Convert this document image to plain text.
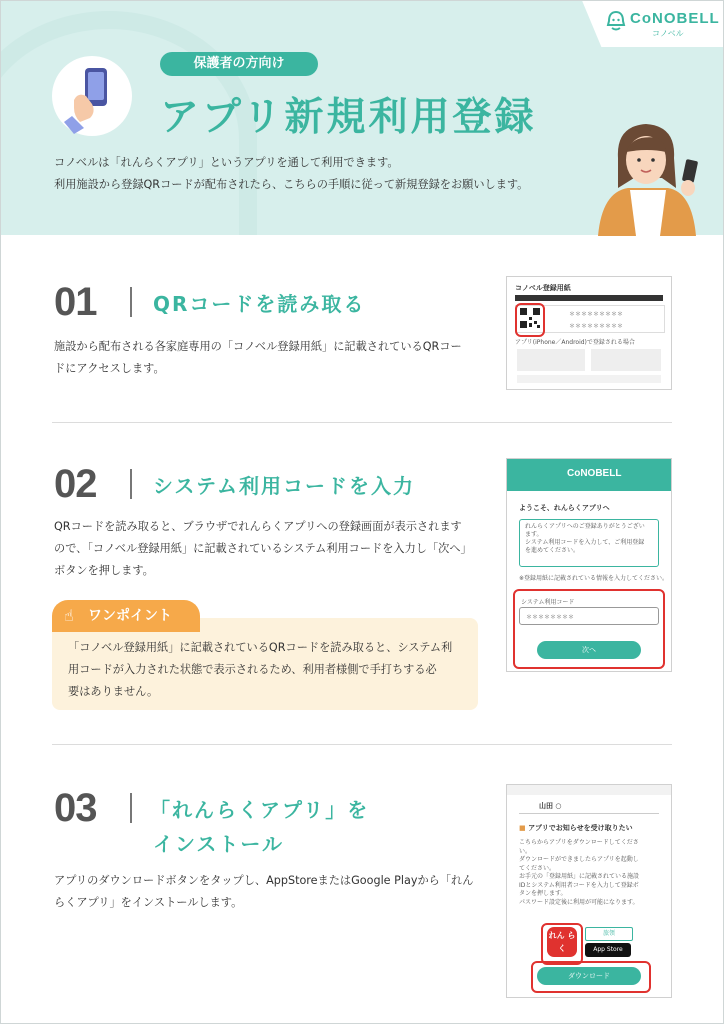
CoNOBELL
コノベル
保護者の方向け
アプリ新規利用登録
コノベルは「れんらくアプリ」というアプリを通して利用できます。
利用施設から登録QRコードが配布されたら、こちらの手順に従って新規登録をお願いします。
01	QRコードを読み取る
施設から配布される各家庭専用の「コノベル登録用紙」に記載されているQRコー
ドにアクセスします。
コノベル登録用紙
＊＊＊＊＊＊＊＊＊
＊＊＊＊＊＊＊＊＊
アプリ(iPhone／Android)で登録される場合
02	システム利用コードを入力
QRコードを読み取ると、ブラウザでれんらくアプリへの登録画面が表示されます
ので、「コノベル登録用紙」に記載されているシステム利用コードを入力し「次へ」
ボタンを押します。
☝ ワンポイント
「コノベル登録用紙」に記載されているQRコードを読み取ると、システム利
用コードが入力された状態で表示されるため、利用者様側で手打ちする必
要はありません。
CoNOBELL
ようこそ、れんらくアプリへ
れんらくアプリへのご登録ありがとうござい
ます。
システム利用コードを入力して、ご利用登録
を進めてください。
※登録用紙に記載されている情報を入力してください。
システム利用コード
＊＊＊＊＊＊＊＊
次へ
03	「れんらくアプリ」を
インストール
アプリのダウンロードボタンをタップし、AppStoreまたはGoogle Playから「れん
らくアプリ」をインストールします。
山田 ○
■ アプリでお知らせを受け取りたい
こちらからアプリをダウンロードしてくださ
い。
ダウンロードができましたらアプリを起動し
てください。
お手元の「登録用紙」に記載されている施設
IDとシステム利用者コードを入力して登録ボ
タンを押します。
パスワード設定後に利用が可能になります。
れん らく
旅領
App Store
ダウンロード
